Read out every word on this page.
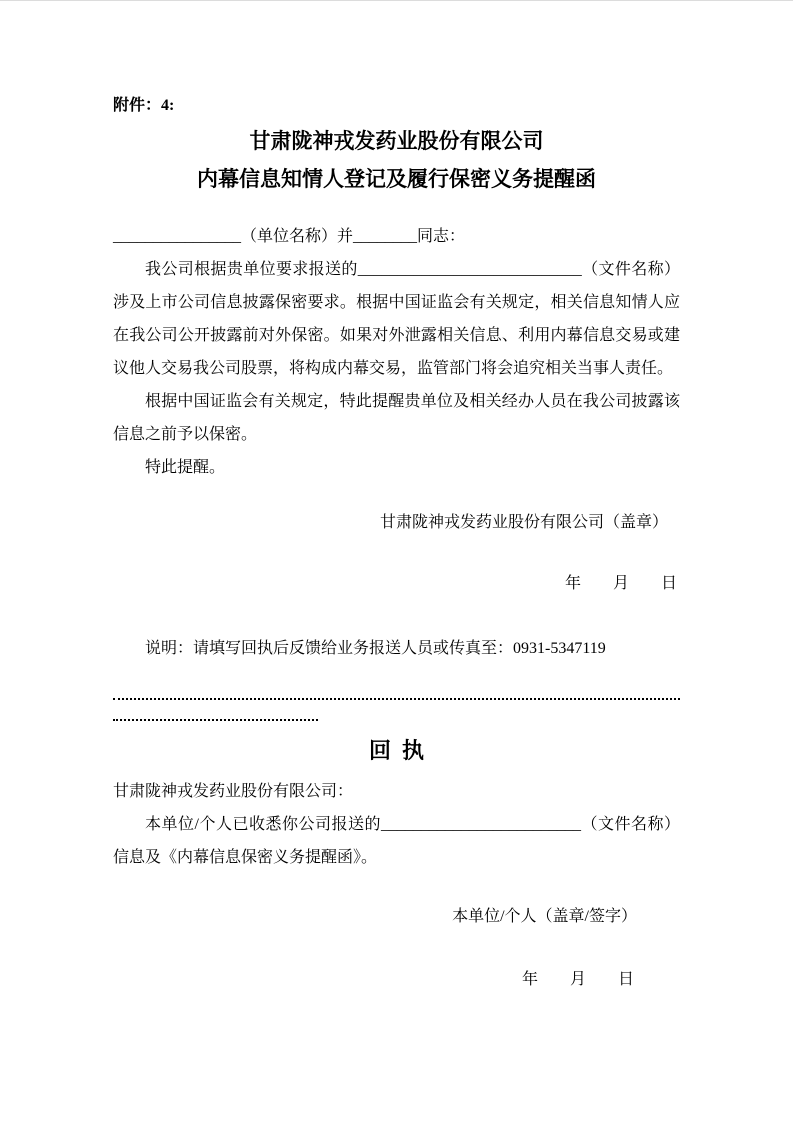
附件：4:
甘肃陇神戎发药业股份有限公司
内幕信息知情人登记及履行保密义务提醒函
________________（单位名称）并________同志：
我公司根据贵单位要求报送的____________________________（文件名称）涉及上市公司信息披露保密要求。根据中国证监会有关规定，相关信息知情人应在我公司公开披露前对外保密。如果对外泄露相关信息、利用内幕信息交易或建议他人交易我公司股票，将构成内幕交易，监管部门将会追究相关当事人责任。
根据中国证监会有关规定，特此提醒贵单位及相关经办人员在我公司披露该信息之前予以保密。
特此提醒。
甘肃陇神戎发药业股份有限公司（盖章）
年　　月　　日
说明：请填写回执后反馈给业务报送人员或传真至：0931-5347119
回  执
甘肃陇神戎发药业股份有限公司：
本单位/个人已收悉你公司报送的_________________________（文件名称）信息及《内幕信息保密义务提醒函》。
本单位/个人（盖章/签字）
年　　月　　日
